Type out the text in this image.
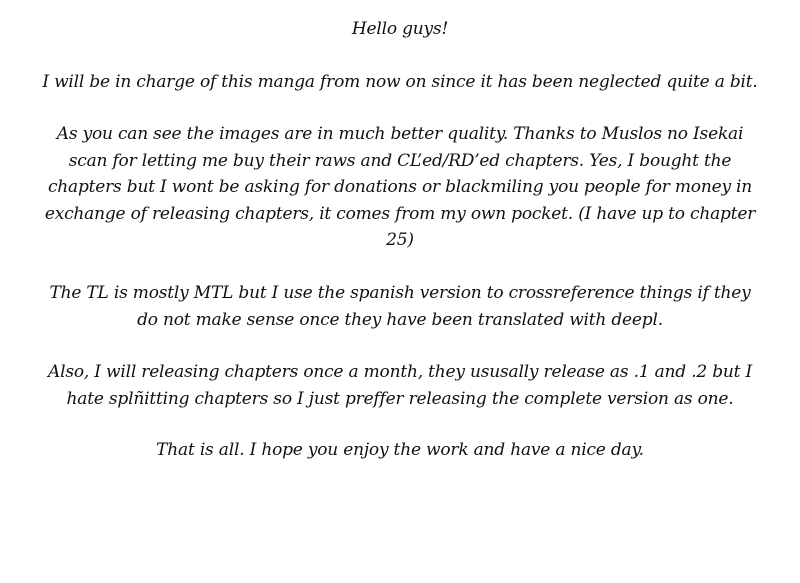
Hello guys!

I will be in charge of this manga from now on since it has been neglected quite a bit.

As you can see the images are in much better quality. Thanks to Muslos no Isekai
scan for letting me buy their raws and CL’ed/RD’ed chapters. Yes, I bought the
chapters but I wont be asking for donations or blackmiling you people for money in
exchange of releasing chapters, it comes from my own pocket. (I have up to chapter
25)

The TL is mostly MTL but I use the spanish version to crossreference things if they
do not make sense once they have been translated with deepl.

Also, I will releasing chapters once a month, they ususally release as .1 and .2 but I
hate splñitting chapters so I just preffer releasing the complete version as one.

That is all. I hope you enjoy the work and have a nice day.
